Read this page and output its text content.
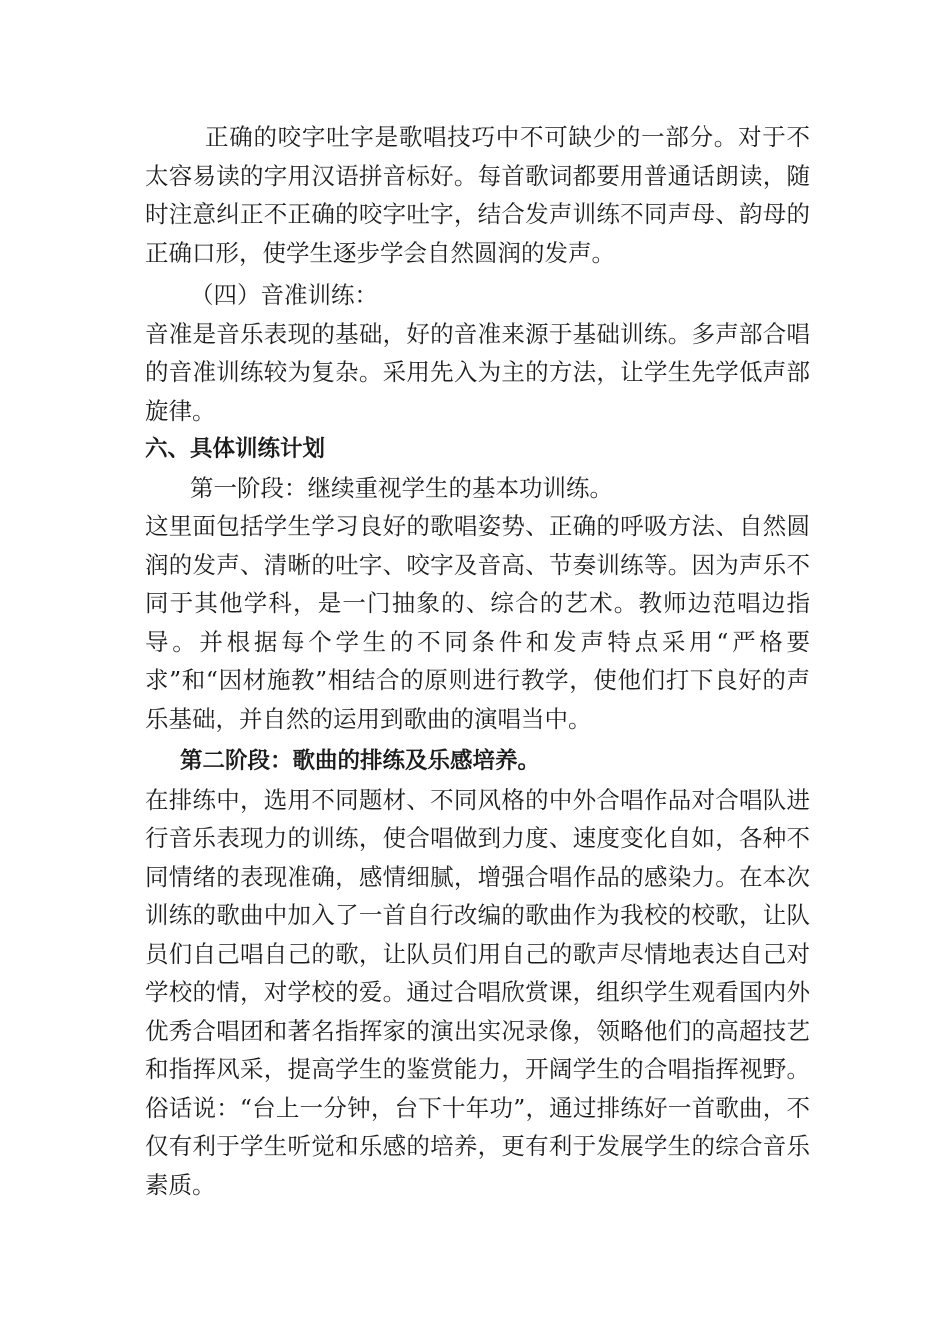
正确的咬字吐字是歌唱技巧中不可缺少的一部分。对于不太容易读的字用汉语拼音标好。每首歌词都要用普通话朗读，随时注意纠正不正确的咬字吐字，结合发声训练不同声母、韵母的正确口形，使学生逐步学会自然圆润的发声。

（四）音准训练：

音准是音乐表现的基础，好的音准来源于基础训练。多声部合唱的音准训练较为复杂。采用先入为主的方法，让学生先学低声部旋律。

六、具体训练计划

第一阶段：继续重视学生的基本功训练。

这里面包括学生学习良好的歌唱姿势、正确的呼吸方法、自然圆润的发声、清晰的吐字、咬字及音高、节奏训练等。因为声乐不同于其他学科，是一门抽象的、综合的艺术。教师边范唱边指导。并根据每个学生的不同条件和发声特点采用“严格要求”和“因材施教”相结合的原则进行教学，使他们打下良好的声乐基础，并自然的运用到歌曲的演唱当中。

第二阶段：歌曲的排练及乐感培养。

在排练中，选用不同题材、不同风格的中外合唱作品对合唱队进行音乐表现力的训练，使合唱做到力度、速度变化自如，各种不同情绪的表现准确，感情细腻，增强合唱作品的感染力。在本次训练的歌曲中加入了一首自行改编的歌曲作为我校的校歌，让队员们自己唱自己的歌，让队员们用自己的歌声尽情地表达自己对学校的情，对学校的爱。通过合唱欣赏课，组织学生观看国内外优秀合唱团和著名指挥家的演出实况录像，领略他们的高超技艺和指挥风采，提高学生的鉴赏能力，开阔学生的合唱指挥视野。俗话说：“台上一分钟，台下十年功”，通过排练好一首歌曲，不仅有利于学生听觉和乐感的培养，更有利于发展学生的综合音乐素质。
